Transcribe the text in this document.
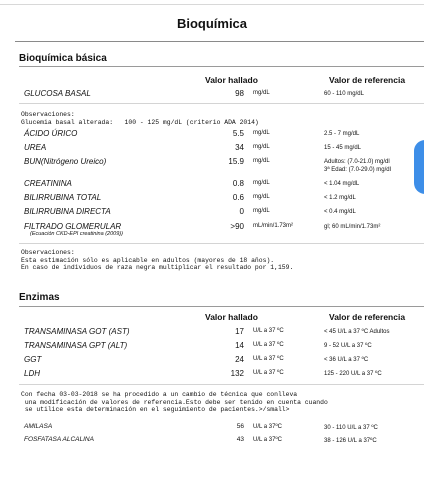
Bioquímica
Bioquímica básica
Valor hallado	Valor de referencia
GLUCOSA BASAL	98 mg/dL	60 - 110 mg/dL
Observaciones:
Glucemia basal alterada:   100 - 125 mg/dL (criterio ADA 2014)
ÁCIDO ÚRICO	5.5 mg/dL	2.5 - 7 mg/dL
UREA	34 mg/dL	15 - 45 mg/dL
BUN(Nitrógeno Ureico)	15.9 mg/dL	Adultos: (7.0-21.0) mg/dl
3ª Edad: (7.0-29.0) mg/dl
CREATININA	0.8 mg/dL	< 1.04 mg/dL
BILIRRUBINA TOTAL	0.6 mg/dL	< 1.2 mg/dL
BILIRRUBINA DIRECTA	0 mg/dL	< 0.4 mg/dL
FILTRADO GLOMERULAR
(Ecuación CKD-EPI creatinina (2009))
>90 mL/min/1.73m²	gl; 60 mL/min/1.73m²
Observaciones:
Esta estimación sólo es aplicable en adultos (mayores de 18 años).
En caso de individuos de raza negra multiplicar el resultado por 1,159.
Enzimas
Valor hallado	Valor de referencia
TRANSAMINASA GOT (AST)	17 U/L a 37 ºC	< 45 U/L a 37 ºC Adultos
TRANSAMINASA GPT (ALT)	14 U/L a 37 ºC	9 - 52 U/L a 37 ºC
GGT	24 U/L a 37 ºC	< 36 U/L a 37 ºC
LDH	132 U/L a 37 ºC	125 - 220 U/L a 37 ºC
Con fecha 03-03-2018 se ha procedido a un cambio de técnica que conlleva
una modificación de valores de referencia.Esto debe ser tenido en cuenta cuando
se utilice esta determinación en el seguimiento de pacientes.>/small>
AMILASA	56 U/L a 37ºC	30 - 110 U/L a 37 ºC
FOSFATASA ALCALINA	43 U/L a 37ºC	38 - 126 U/L a 37ºC
